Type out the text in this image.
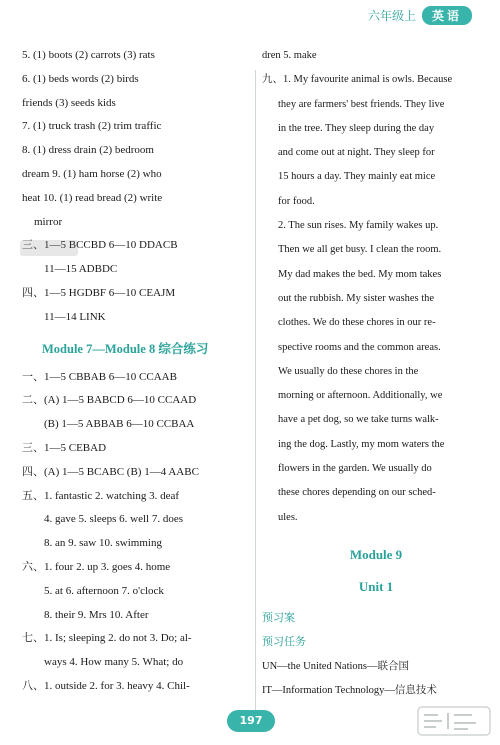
六年级上	英语
5. (1) boots (2) carrots (3) rats
6. (1) beds words (2) birds
friends (3) seeds kids
7. (1) truck trash (2) trim traffic
8. (1) dress drain (2) bedroom
dream 9. (1) ham horse (2) who
heat 10. (1) read bread (2) write
mirror
三、1—5 BCCBD 6—10 DDACB
11—15 ADBDC
四、1—5 HGDBF 6—10 CEAJM
11—14 LINK
Module 7—Module 8 综合练习
一、1—5 CBBAB 6—10 CCAAB
二、(A) 1—5 BABCD 6—10 CCAAD
(B) 1—5 ABBAB 6—10 CCBAA
三、1—5 CEBAD
四、(A) 1—5 BCABC (B) 1—4 AABC
五、1. fantastic 2. watching 3. deaf
4. gave 5. sleeps 6. well 7. does
8. an 9. saw 10. swimming
六、1. four 2. up 3. goes 4. home
5. at 6. afternoon 7. o'clock
8. their 9. Mrs 10. After
七、1. Is; sleeping 2. do not 3. Do; al-
ways 4. How many 5. What; do
八、1. outside 2. for 3. heavy 4. Chil-
dren 5. make
九、1. My favourite animal is owls. Because
they are farmers' best friends. They live
in the tree. They sleep during the day
and come out at night. They sleep for
15 hours a day. They mainly eat mice
for food.
2. The sun rises. My family wakes up.
Then we all get busy. I clean the room.
My dad makes the bed. My mom takes
out the rubbish. My sister washes the
clothes. We do these chores in our re-
spective rooms and the common areas.
We usually do these chores in the
morning or afternoon. Additionally, we
have a pet dog, so we take turns walk-
ing the dog. Lastly, my mom waters the
flowers in the garden. We usually do
these chores depending on our sched-
ules.
Module 9
Unit 1
预习案
预习任务
UN—the United Nations—联合国
IT—Information Technology—信息技术
197
